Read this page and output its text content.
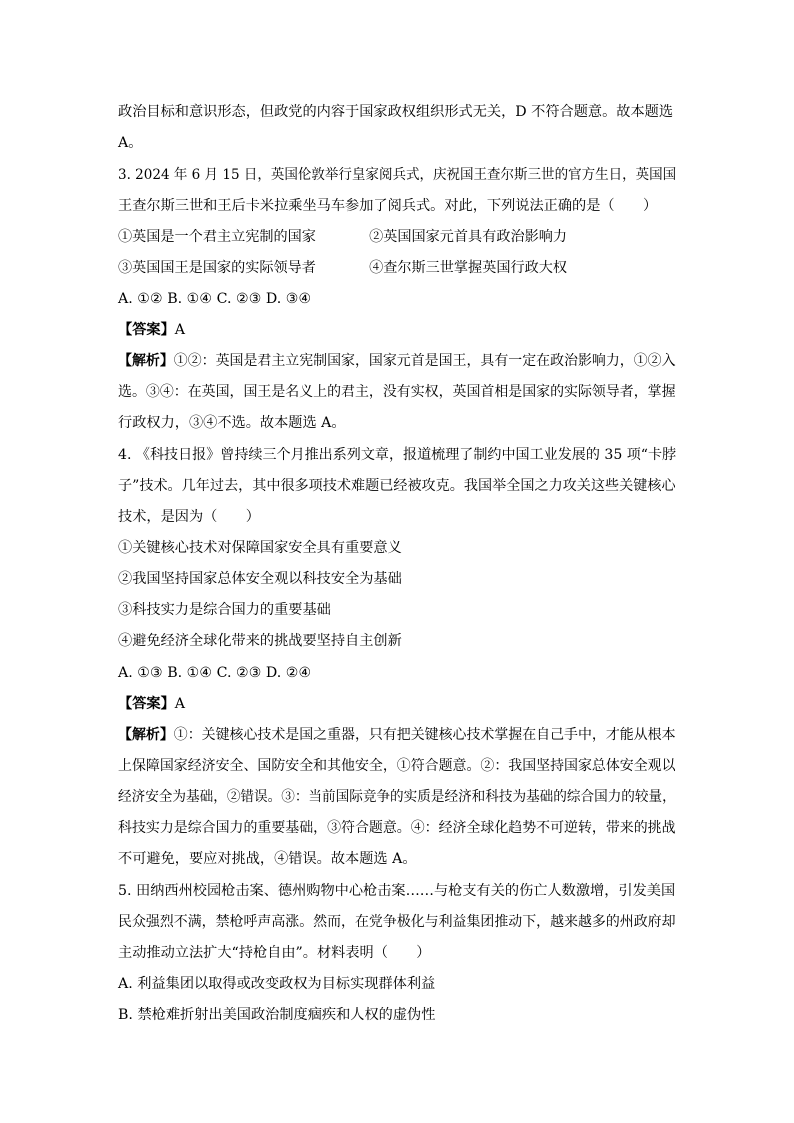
政治目标和意识形态，但政党的内容于国家政权组织形式无关，D 不符合题意。故本题选
A。
3. 2024 年 6 月 15 日，英国伦敦举行皇家阅兵式，庆祝国王查尔斯三世的官方生日，英国国
王查尔斯三世和王后卡米拉乘坐马车参加了阅兵式。对此，下列说法正确的是（　　）
①英国是一个君主立宪制的国家	②英国国家元首具有政治影响力
③英国国王是国家的实际领导者	④查尔斯三世掌握英国行政大权
A. ①② B. ①④ C. ②③ D. ③④
【答案】A
【解析】①②：英国是君主立宪制国家，国家元首是国王，具有一定在政治影响力，①②入
选。③④：在英国，国王是名义上的君主，没有实权，英国首相是国家的实际领导者，掌握
行政权力，③④不选。故本题选 A。
4. 《科技日报》曾持续三个月推出系列文章，报道梳理了制约中国工业发展的 35 项“卡脖
子”技术。几年过去，其中很多项技术难题已经被攻克。我国举全国之力攻关这些关键核心
技术，是因为（　　）
①关键核心技术对保障国家安全具有重要意义
②我国坚持国家总体安全观以科技安全为基础
③科技实力是综合国力的重要基础
④避免经济全球化带来的挑战要坚持自主创新
A. ①③ B. ①④ C. ②③ D. ②④
【答案】A
【解析】①：关键核心技术是国之重器，只有把关键核心技术掌握在自己手中，才能从根本
上保障国家经济安全、国防安全和其他安全，①符合题意。②：我国坚持国家总体安全观以
经济安全为基础，②错误。③：当前国际竞争的实质是经济和科技为基础的综合国力的较量，
科技实力是综合国力的重要基础，③符合题意。④：经济全球化趋势不可逆转，带来的挑战
不可避免，要应对挑战，④错误。故本题选 A。
5. 田纳西州校园枪击案、德州购物中心枪击案……与枪支有关的伤亡人数激增，引发美国
民众强烈不满，禁枪呼声高涨。然而，在党争极化与利益集团推动下，越来越多的州政府却
主动推动立法扩大“持枪自由”。材料表明（　　）
A. 利益集团以取得或改变政权为目标实现群体利益
B. 禁枪难折射出美国政治制度痼疾和人权的虚伪性
